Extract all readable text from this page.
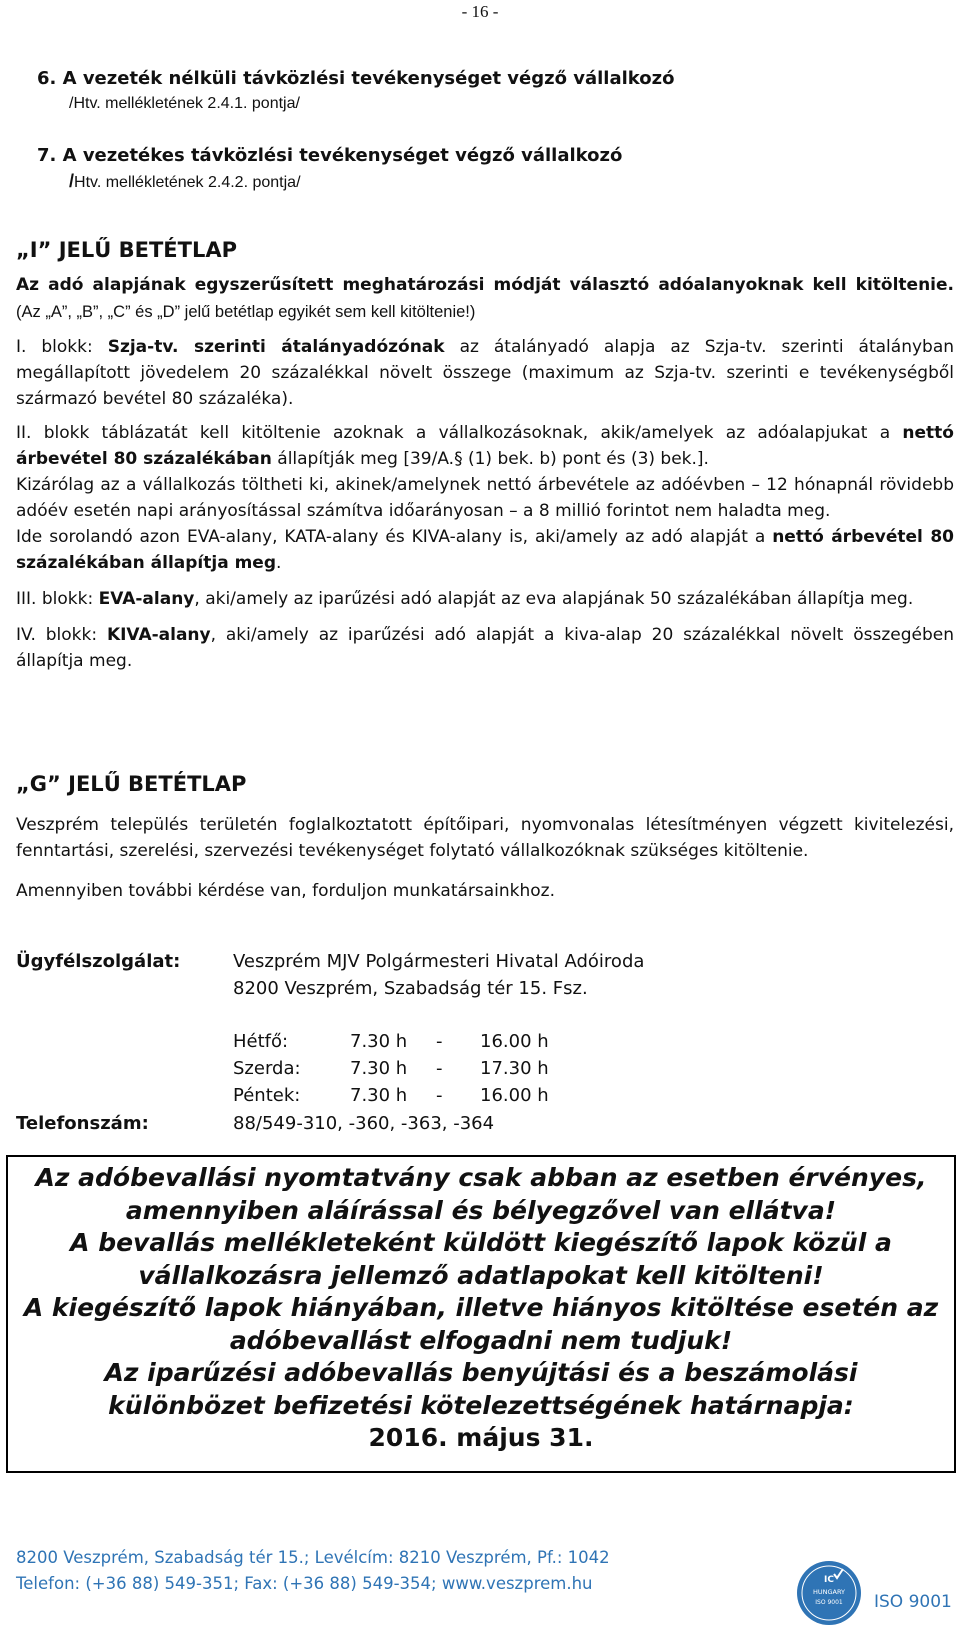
- 16 -
6. A vezeték nélküli távközlési tevékenységet végző vállalkozó
/Htv. mellékletének 2.4.1. pontja/
7. A vezetékes távközlési tevékenységet végző vállalkozó
/Htv. mellékletének 2.4.2. pontja/
„I” JELŰ BETÉTLAP
Az adó alapjának egyszerűsített meghatározási módját választó adóalanyoknak kell kitöltenie. (Az „A”, „B”, „C” és „D” jelű betétlap egyikét sem kell kitöltenie!)
I. blokk: Szja-tv. szerinti átalányadózónak az átalányadó alapja az Szja-tv. szerinti átalányban megállapított jövedelem 20 százalékkal növelt összege (maximum az Szja-tv. szerinti e tevékenységből származó bevétel 80 százaléka).
II. blokk táblázatát kell kitöltenie azoknak a vállalkozásoknak, akik/amelyek az adóalapjukat a nettó árbevétel 80 százalékában állapítják meg [39/A.§ (1) bek. b) pont és (3) bek.].
Kizárólag az a vállalkozás töltheti ki, akinek/amelynek nettó árbevétele az adóévben – 12 hónapnál rövidebb adóév esetén napi arányosítással számítva időarányosan – a 8 millió forintot nem haladta meg.
Ide sorolandó azon EVA-alany, KATA-alany és KIVA-alany is, aki/amely az adó alapját a nettó árbevétel 80 százalékában állapítja meg.
III. blokk: EVA-alany, aki/amely az iparűzési adó alapját az eva alapjának 50 százalékában állapítja meg.
IV. blokk: KIVA-alany, aki/amely az iparűzési adó alapját a kiva-alap 20 százalékkal növelt összegében állapítja meg.
„G” JELŰ BETÉTLAP
Veszprém település területén foglalkoztatott építőipari, nyomvonalas létesítményen végzett kivitelezési, fenntartási, szerelési, szervezési tevékenységet folytató vállalkozóknak szükséges kitöltenie.
Amennyiben további kérdése van, forduljon munkatársainkhoz.
Ügyfélszolgálat:	Veszprém MJV Polgármesteri Hivatal Adóiroda
8200 Veszprém, Szabadság tér 15. Fsz.
Hétfő:	7.30 h - 16.00 h
Szerda:	7.30 h - 17.30 h
Péntek:	7.30 h - 16.00 h
Telefonszám:	88/549-310, -360, -363, -364
Az adóbevallási nyomtatvány csak abban az esetben érvényes,
amennyiben aláírással és bélyegzővel van ellátva!
A bevallás mellékleteként küldött kiegészítő lapok közül a
vállalkozásra jellemző adatlapokat kell kitölteni!
A kiegészítő lapok hiányában, illetve hiányos kitöltése esetén az
adóbevallást elfogadni nem tudjuk!
Az iparűzési adóbevallás benyújtási és a beszámolási
különbözet befizetési kötelezettségének határnapja:
2016. május 31.
8200 Veszprém, Szabadság tér 15.; Levélcím: 8210 Veszprém, Pf.: 1042
Telefon: (+36 88) 549-351; Fax: (+36 88) 549-354; www.veszprem.hu	IC
HUNGARY
ISO 9001 ISO 9001
